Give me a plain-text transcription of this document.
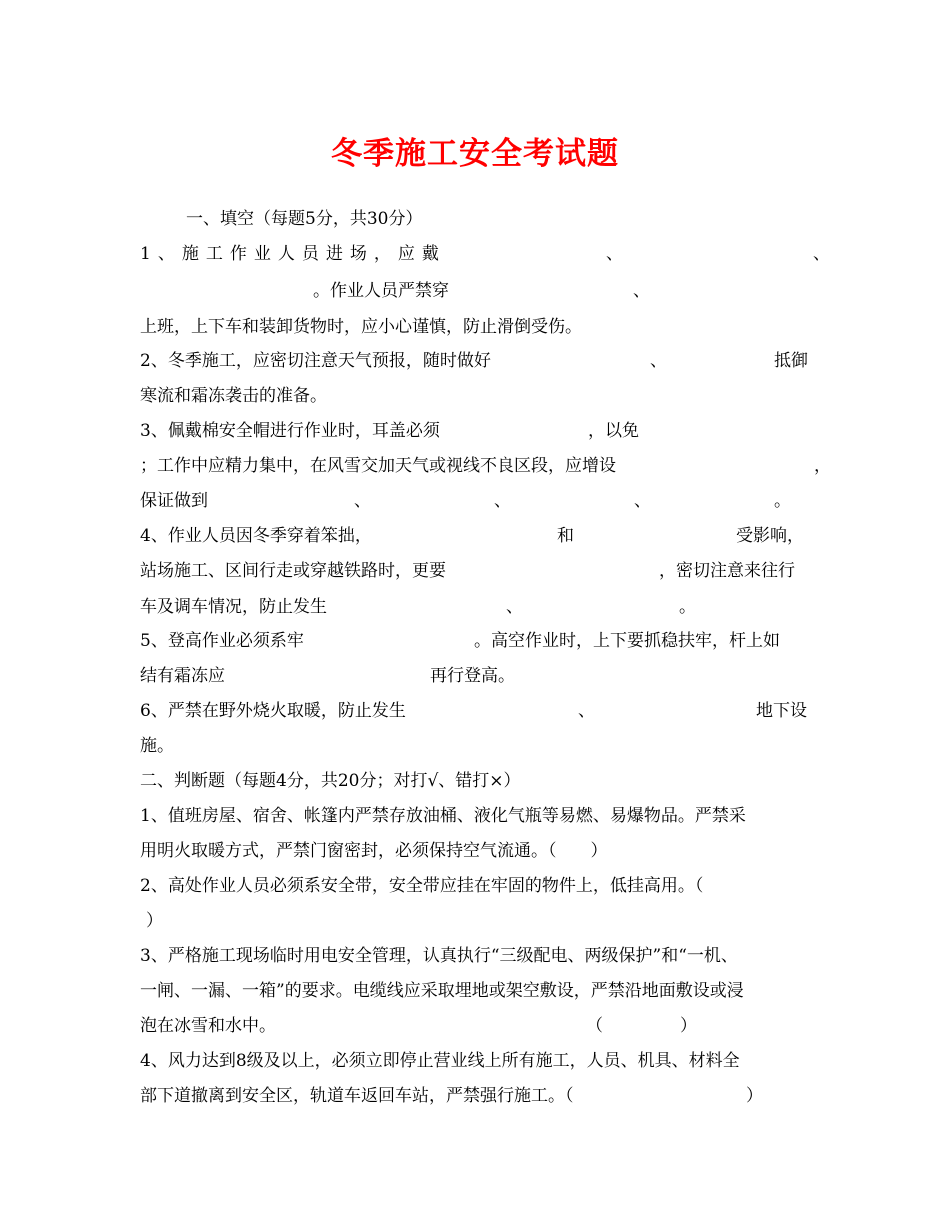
冬季施工安全考试题
一、填空（每题5分，共30分）
1、施工作业人员进场，应戴	、	、
。作业人员严禁穿	、
上班，上下车和装卸货物时，应小心谨慎，防止滑倒受伤。
2、冬季施工，应密切注意天气预报，随时做好	、	抵御
寒流和霜冻袭击的准备。
3、佩戴棉安全帽进行作业时，耳盖必须	，以免
；工作中应精力集中，在风雪交加天气或视线不良区段，应增设	，
保证做到	、	、	、	。
4、作业人员因冬季穿着笨拙，	和	受影响，
站场施工、区间行走或穿越铁路时，更要	，密切注意来往行
车及调车情况，防止发生	、	。
5、登高作业必须系牢	。高空作业时，上下要抓稳扶牢，杆上如
结有霜冻应	再行登高。
6、严禁在野外烧火取暖，防止发生	、	地下设
施。
二、判断题（每题4分，共20分；对打√、错打×）
1、值班房屋、宿舍、帐篷内严禁存放油桶、液化气瓶等易燃、易爆物品。严禁采
用明火取暖方式，严禁门窗密封，必须保持空气流通。（　　）
2、高处作业人员必须系安全带，安全带应挂在牢固的物件上，低挂高用。（
）
3、严格施工现场临时用电安全管理，认真执行“三级配电、两级保护”和“一机、
一闸、一漏、一箱”的要求。电缆线应采取埋地或架空敷设，严禁沿地面敷设或浸
泡在冰雪和水中。	（	）
4、风力达到8级及以上，必须立即停止营业线上所有施工，人员、机具、材料全
部下道撤离到安全区，轨道车返回车站，严禁强行施工。（	）
